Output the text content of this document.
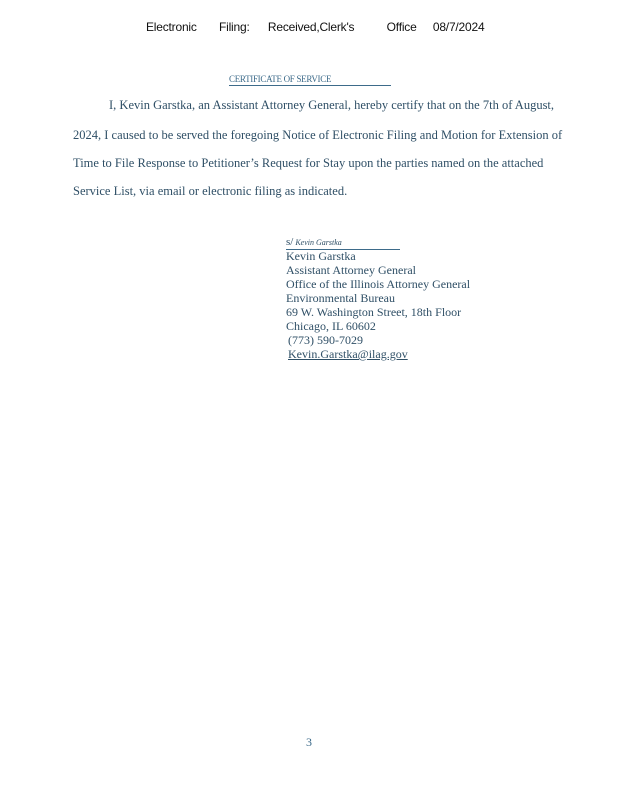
Electronic Filing: Received,Clerk's	Office 08/7/2024
CERTIFICATE OF SERVICE
I, Kevin Garstka, an Assistant Attorney General, hereby certify that on the 7th of August,
2024, I caused to be served the foregoing Notice of Electronic Filing and Motion for Extension of
Time to File Response to Petitioner’s Request for Stay upon the parties named on the attached
Service List, via email or electronic filing as indicated.
s/ Kevin Garstka
Kevin Garstka
Assistant Attorney General
Office of the Illinois Attorney General
Environmental Bureau
69 W. Washington Street, 18th Floor
Chicago, IL 60602
(773) 590-7029
Kevin.Garstka@ilag.gov
3
